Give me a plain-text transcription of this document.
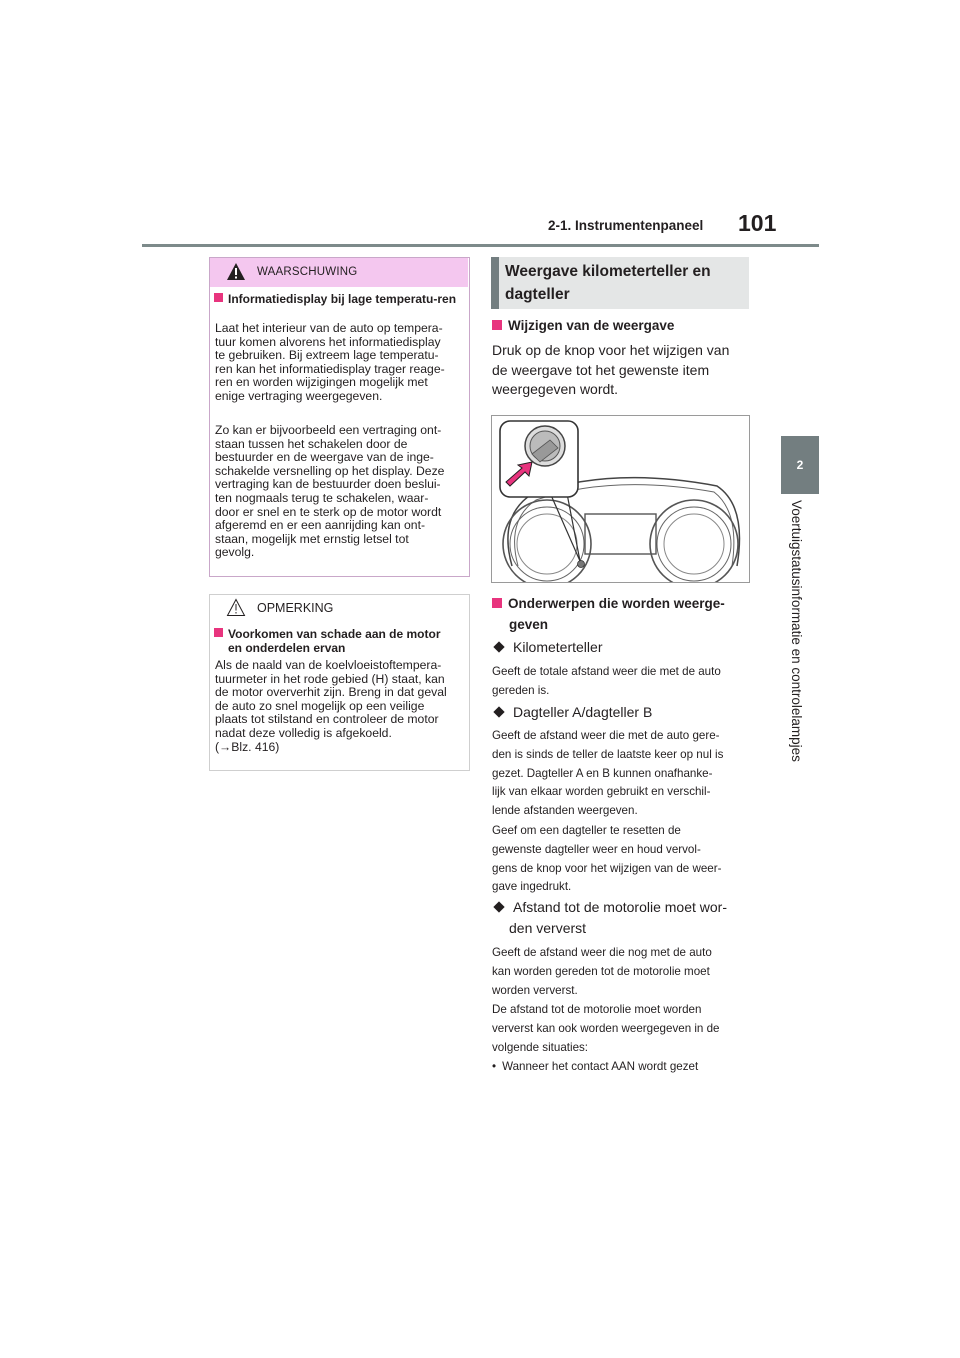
2-1. Instrumentenpaneel 101
2
Voertuigstatusinformatie en controlelampjes
WAARSCHUWING
Informatiedisplay bij lage temperatu-ren
Laat het interieur van de auto op tempera-
tuur komen alvorens het informatiedisplay
te gebruiken. Bij extreem lage temperatu-
ren kan het informatiedisplay trager reage-
ren en worden wijzigingen mogelijk met
enige vertraging weergegeven.
Zo kan er bijvoorbeeld een vertraging ont-
staan tussen het schakelen door de
bestuurder en de weergave van de inge-
schakelde versnelling op het display. Deze
vertraging kan de bestuurder doen beslui-
ten nogmaals terug te schakelen, waar-
door er snel en te sterk op de motor wordt
afgeremd en er een aanrijding kan ont-
staan, mogelijk met ernstig letsel tot
gevolg.
OPMERKING
Voorkomen van schade aan de motor
en onderdelen ervan
Als de naald van de koelvloeistoftempera-
tuurmeter in het rode gebied (H) staat, kan
de motor oververhit zijn. Breng in dat geval
de auto zo snel mogelijk op een veilige
plaats tot stilstand en controleer de motor
nadat deze volledig is afgekoeld.
(→Blz. 416)
Weergave kilometerteller en
dagteller
Wijzigen van de weergave
Druk op de knop voor het wijzigen van
de weergave tot het gewenste item
weergegeven wordt.
Onderwerpen die worden weerge-
geven
Kilometerteller
Geeft de totale afstand weer die met de auto
gereden is.
Dagteller A/dagteller B
Geeft de afstand weer die met de auto gere-
den is sinds de teller de laatste keer op nul is
gezet. Dagteller A en B kunnen onafhanke-
lijk van elkaar worden gebruikt en verschil-
lende afstanden weergeven.
Geef om een dagteller te resetten de
gewenste dagteller weer en houd vervol-
gens de knop voor het wijzigen van de weer-
gave ingedrukt.
Afstand tot de motorolie moet wor-
den ververst
Geeft de afstand weer die nog met de auto
kan worden gereden tot de motorolie moet
worden ververst.
De afstand tot de motorolie moet worden
ververst kan ook worden weergegeven in de
volgende situaties:
• Wanneer het contact AAN wordt gezet
